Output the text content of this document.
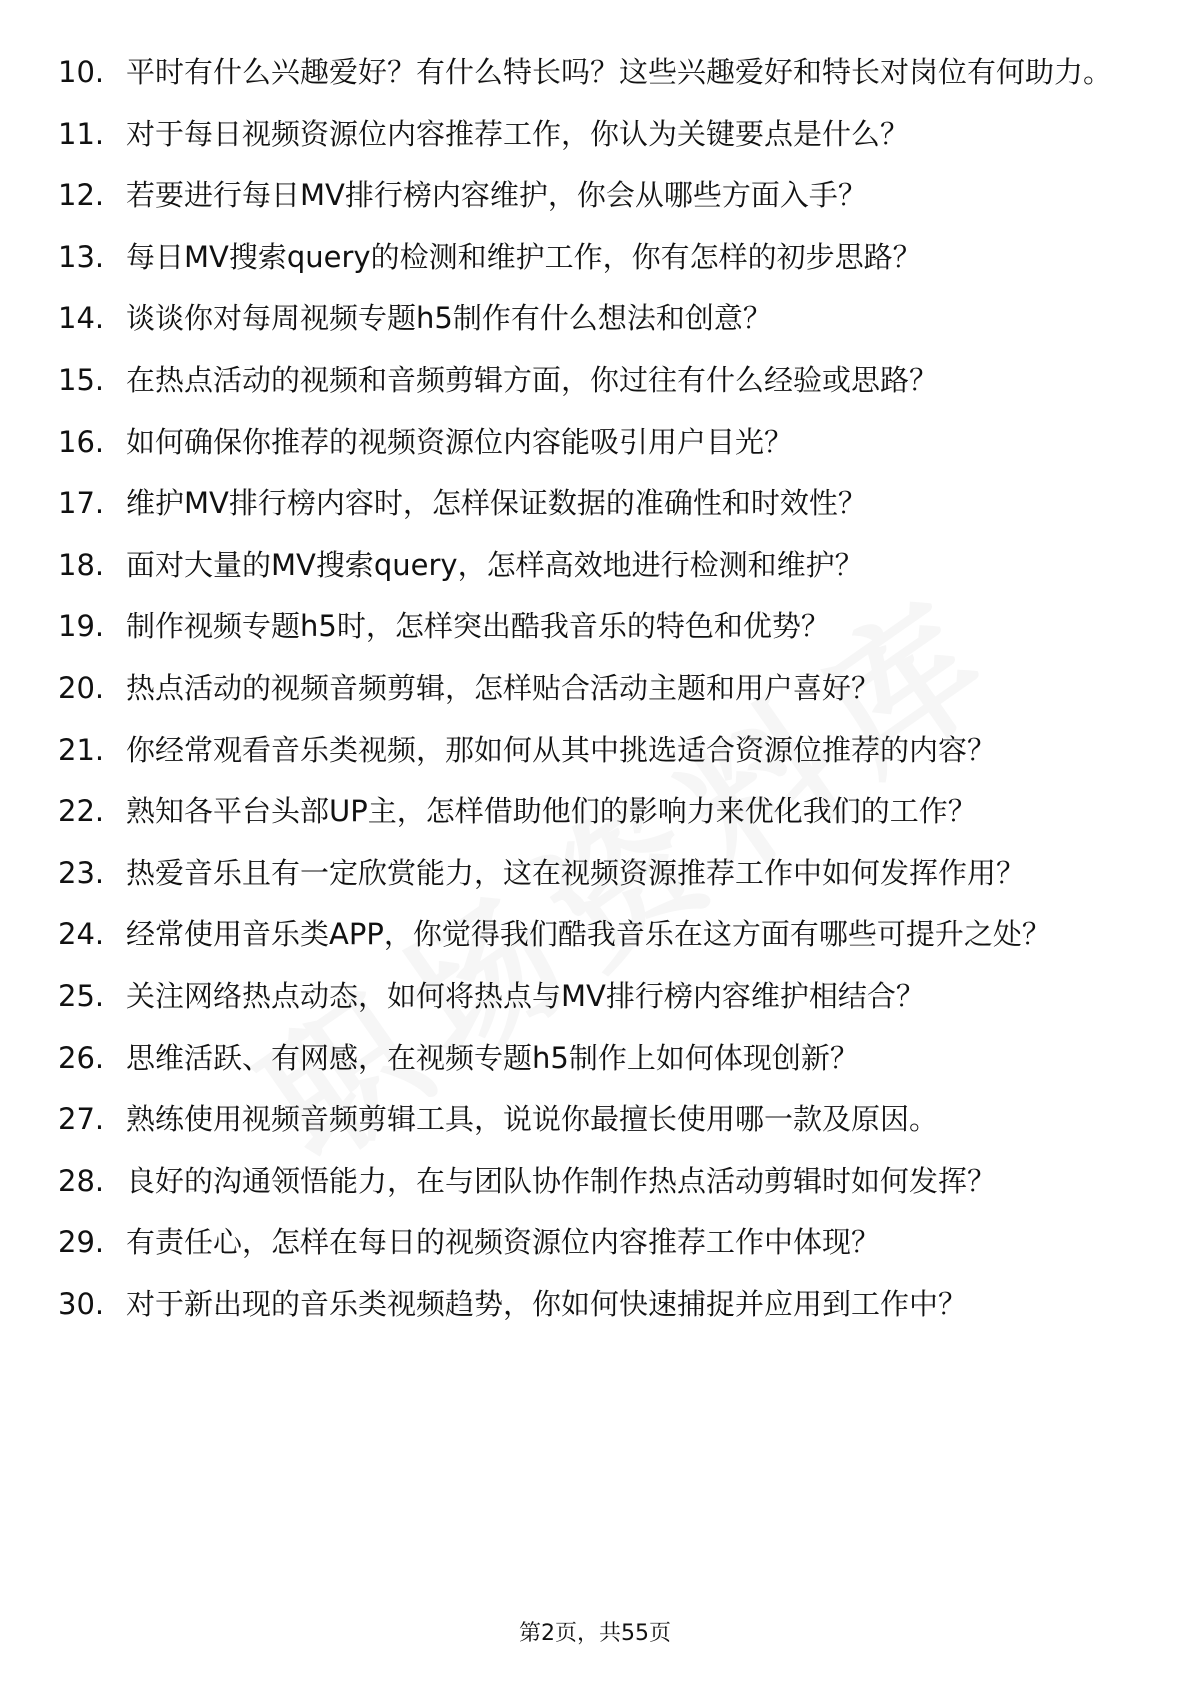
10. 平时有什么兴趣爱好？有什么特长吗？这些兴趣爱好和特长对岗位有何助力。
11. 对于每日视频资源位内容推荐工作，你认为关键要点是什么？
12. 若要进行每日MV排行榜内容维护，你会从哪些方面入手？
13. 每日MV搜索query的检测和维护工作，你有怎样的初步思路？
14. 谈谈你对每周视频专题h5制作有什么想法和创意？
15. 在热点活动的视频和音频剪辑方面，你过往有什么经验或思路？
16. 如何确保你推荐的视频资源位内容能吸引用户目光？
17. 维护MV排行榜内容时，怎样保证数据的准确性和时效性？
18. 面对大量的MV搜索query，怎样高效地进行检测和维护？
19. 制作视频专题h5时，怎样突出酷我音乐的特色和优势？
20. 热点活动的视频音频剪辑，怎样贴合活动主题和用户喜好？
21. 你经常观看音乐类视频，那如何从其中挑选适合资源位推荐的内容？
22. 熟知各平台头部UP主，怎样借助他们的影响力来优化我们的工作？
23. 热爱音乐且有一定欣赏能力，这在视频资源推荐工作中如何发挥作用？
24. 经常使用音乐类APP，你觉得我们酷我音乐在这方面有哪些可提升之处？
25. 关注网络热点动态，如何将热点与MV排行榜内容维护相结合？
26. 思维活跃、有网感，在视频专题h5制作上如何体现创新？
27. 熟练使用视频音频剪辑工具，说说你最擅长使用哪一款及原因。
28. 良好的沟通领悟能力，在与团队协作制作热点活动剪辑时如何发挥？
29. 有责任心，怎样在每日的视频资源位内容推荐工作中体现？
30. 对于新出现的音乐类视频趋势，你如何快速捕捉并应用到工作中？
第2页，共55页
